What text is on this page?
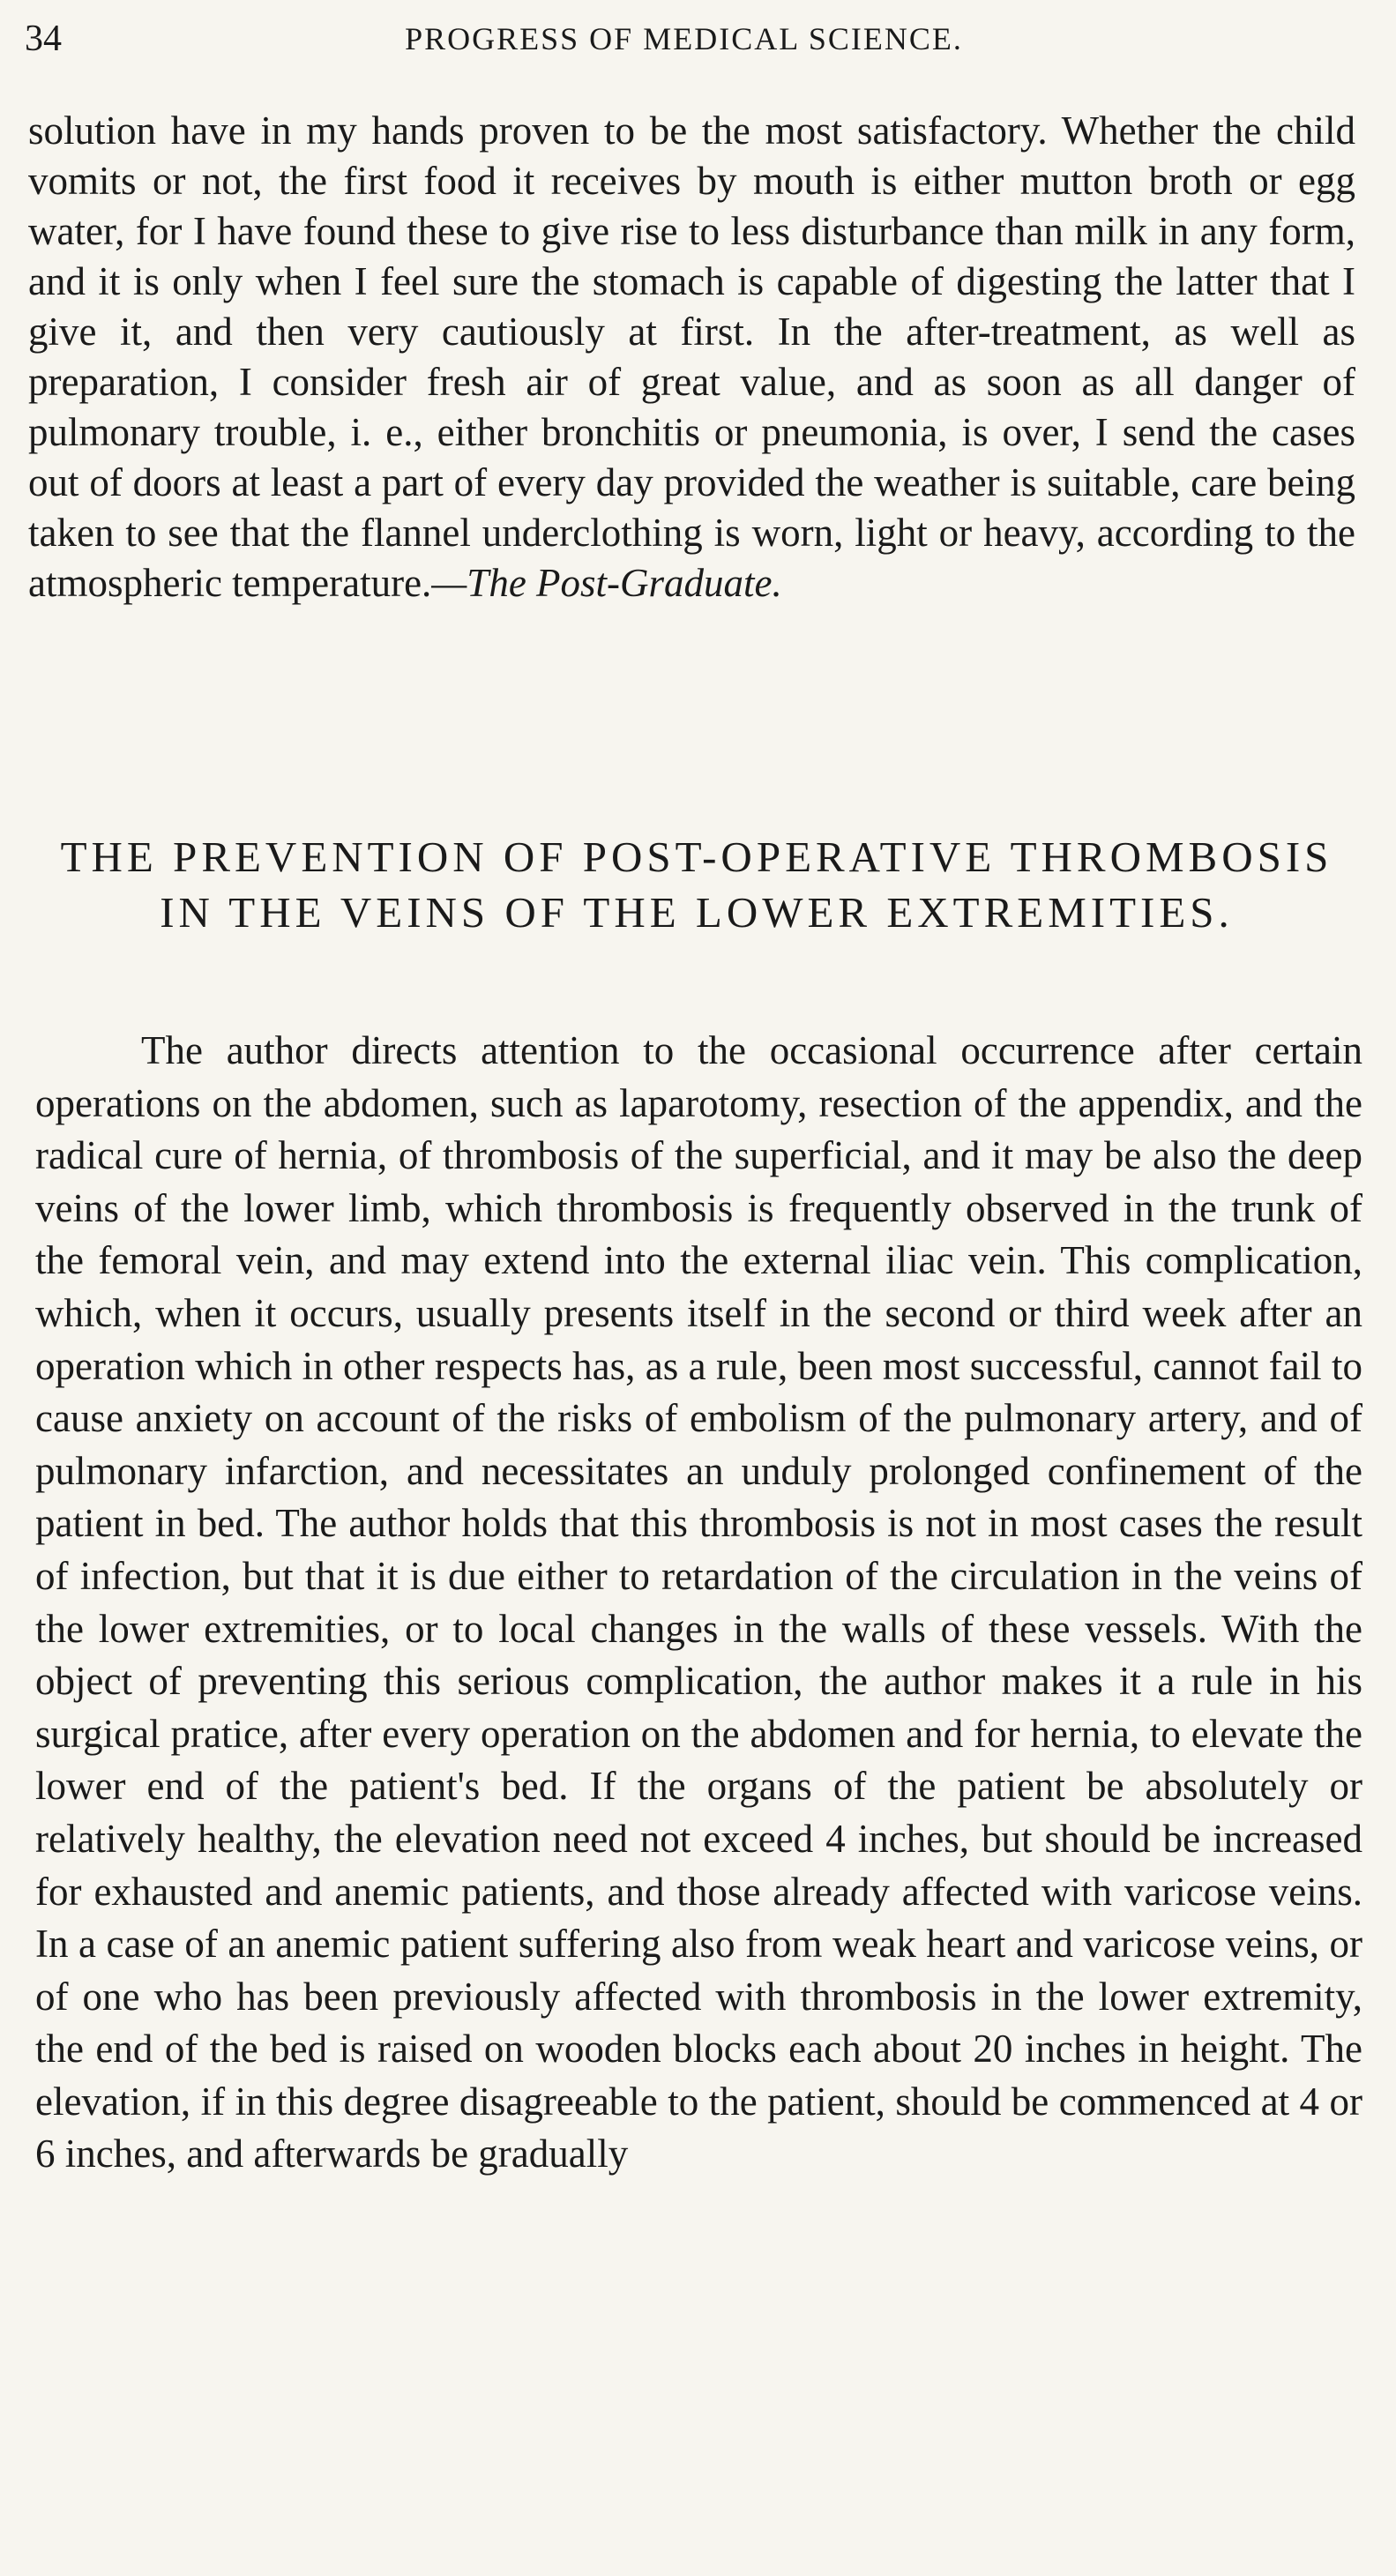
34	PROGRESS OF MEDICAL SCIENCE.

solution have in my hands proven to be the most satisfactory. Whether the child vomits or not, the first food it receives by mouth is either mutton broth or egg water, for I have found these to give rise to less disturbance than milk in any form, and it is only when I feel sure the stomach is capable of digesting the latter that I give it, and then very cautiously at first. In the after-treatment, as well as preparation, I consider fresh air of great value, and as soon as all danger of pulmonary trouble, i. e., either bronchitis or pneumonia, is over, I send the cases out of doors at least a part of every day provided the weather is suitable, care being taken to see that the flannel underclothing is worn, light or heavy, according to the atmospheric temperature.—The Post-Graduate.

THE PREVENTION OF POST-OPERATIVE THROMBOSIS IN THE VEINS OF THE LOWER EXTREMITIES.

The author directs attention to the occasional occurrence after certain operations on the abdomen, such as laparotomy, resection of the appendix, and the radical cure of hernia, of thrombosis of the superficial, and it may be also the deep veins of the lower limb, which thrombosis is frequently observed in the trunk of the femoral vein, and may extend into the external iliac vein. This complication, which, when it occurs, usually presents itself in the second or third week after an operation which in other respects has, as a rule, been most successful, cannot fail to cause anxiety on account of the risks of embolism of the pulmonary artery, and of pulmonary infarction, and necessitates an unduly prolonged confinement of the patient in bed. The author holds that this thrombosis is not in most cases the result of infection, but that it is due either to retardation of the circulation in the veins of the lower extremities, or to local changes in the walls of these vessels. With the object of preventing this serious complication, the author makes it a rule in his surgical pratice, after every operation on the abdomen and for hernia, to elevate the lower end of the patient's bed. If the organs of the patient be absolutely or relatively healthy, the elevation need not exceed 4 inches, but should be increased for exhausted and anemic patients, and those already affected with varicose veins. In a case of an anemic patient suffering also from weak heart and varicose veins, or of one who has been previously affected with thrombosis in the lower extremity, the end of the bed is raised on wooden blocks each about 20 inches in height. The elevation, if in this degree disagreeable to the patient, should be commenced at 4 or 6 inches, and afterwards be gradually
